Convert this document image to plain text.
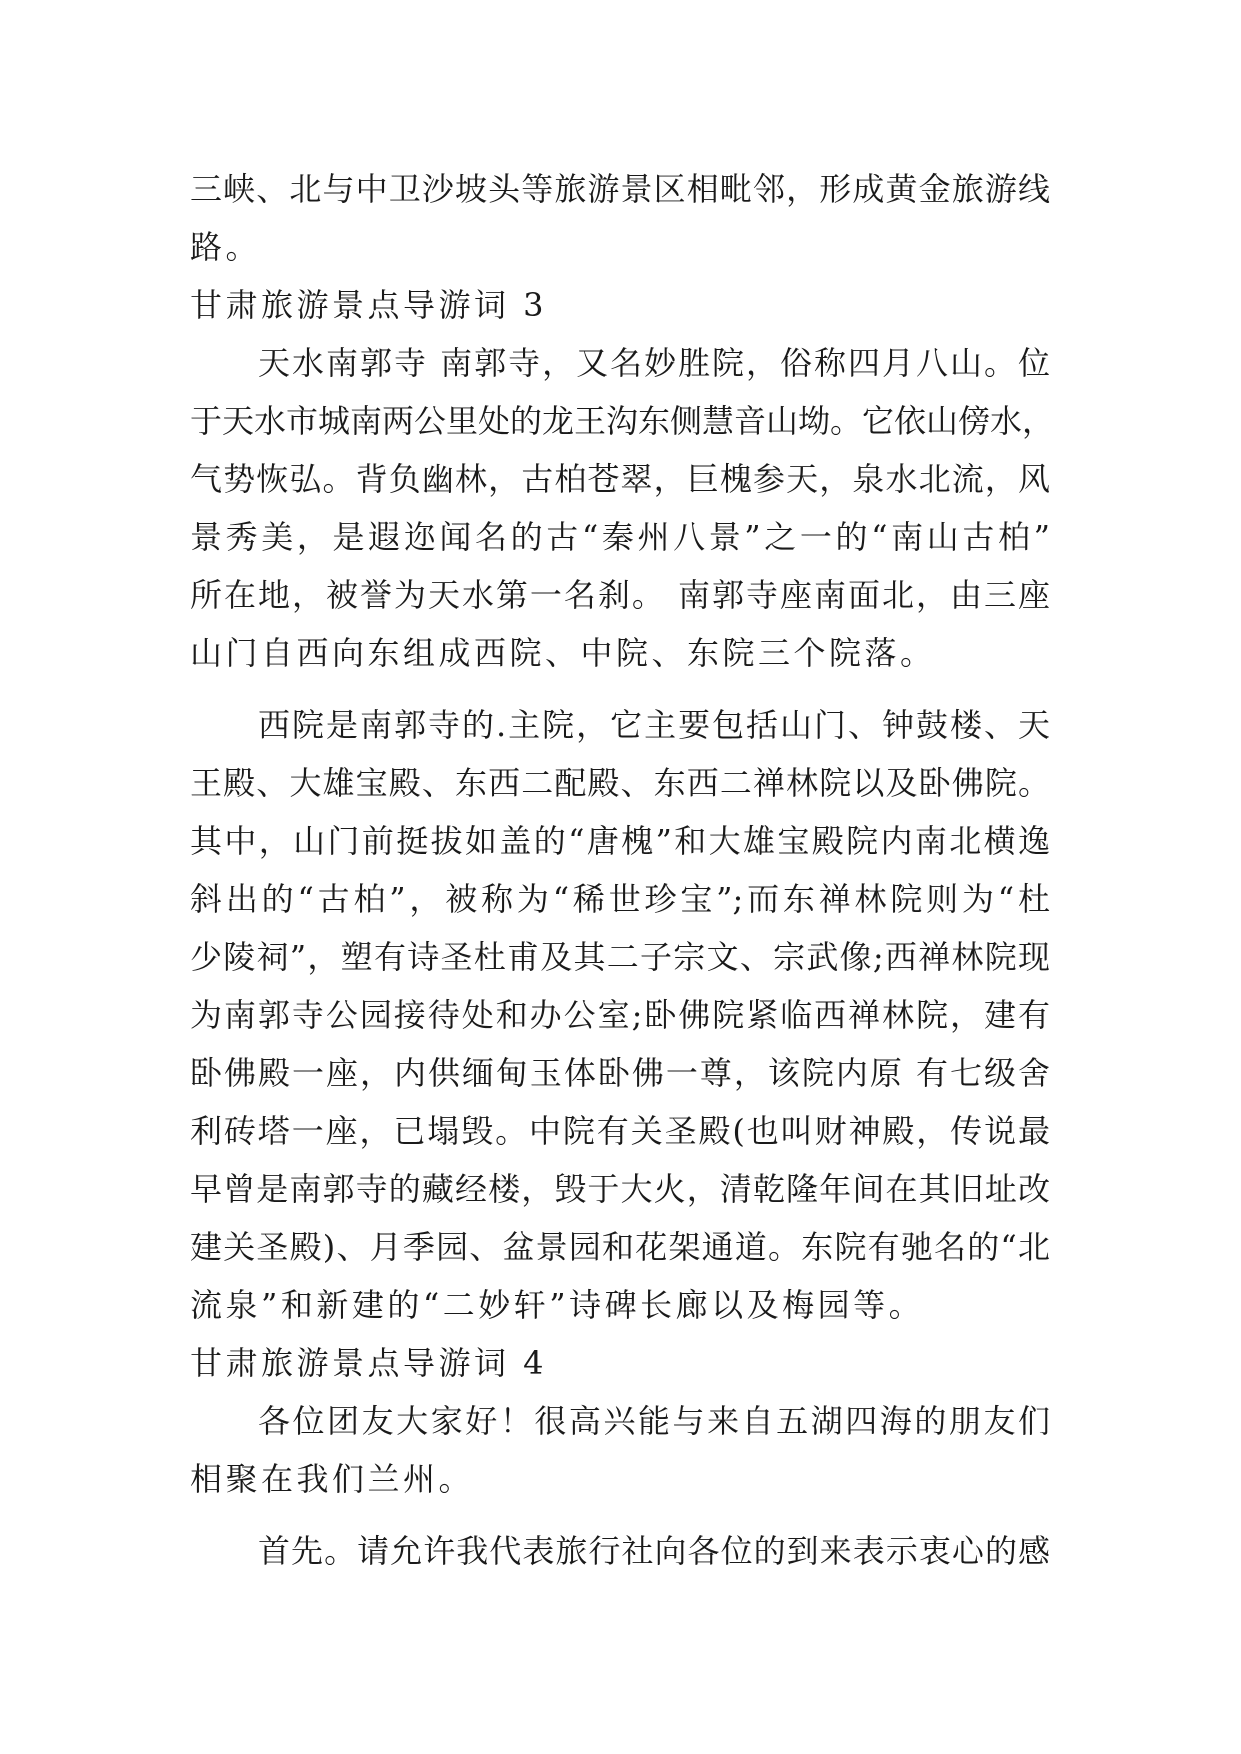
三峡、北与中卫沙坡头等旅游景区相毗邻，形成黄金旅游线
路。
甘肃旅游景点导游词 3
天水南郭寺 南郭寺，又名妙胜院，俗称四月八山。位
于天水市城南两公里处的龙王沟东侧慧音山坳。它依山傍水，
气势恢弘。背负幽林，古柏苍翠，巨槐参天，泉水北流，风
景秀美，是遐迩闻名的古“秦州八景”之一的“南山古柏”
所在地，被誉为天水第一名刹。 南郭寺座南面北，由三座
山门自西向东组成西院、中院、东院三个院落。
西院是南郭寺的.主院，它主要包括山门、钟鼓楼、天
王殿、大雄宝殿、东西二配殿、东西二禅林院以及卧佛院。
其中，山门前挺拔如盖的“唐槐”和大雄宝殿院内南北横逸
斜出的“古柏”，被称为“稀世珍宝”;而东禅林院则为“杜
少陵祠”，塑有诗圣杜甫及其二子宗文、宗武像;西禅林院现
为南郭寺公园接待处和办公室;卧佛院紧临西禅林院，建有
卧佛殿一座，内供缅甸玉体卧佛一尊，该院内原 有七级舍
利砖塔一座，已塌毁。中院有关圣殿(也叫财神殿，传说最
早曾是南郭寺的藏经楼，毁于大火，清乾隆年间在其旧址改
建关圣殿)、月季园、盆景园和花架通道。东院有驰名的“北
流泉”和新建的“二妙轩”诗碑长廊以及梅园等。
甘肃旅游景点导游词 4
各位团友大家好！很高兴能与来自五湖四海的朋友们
相聚在我们兰州。
首先。请允许我代表旅行社向各位的到来表示衷心的感
